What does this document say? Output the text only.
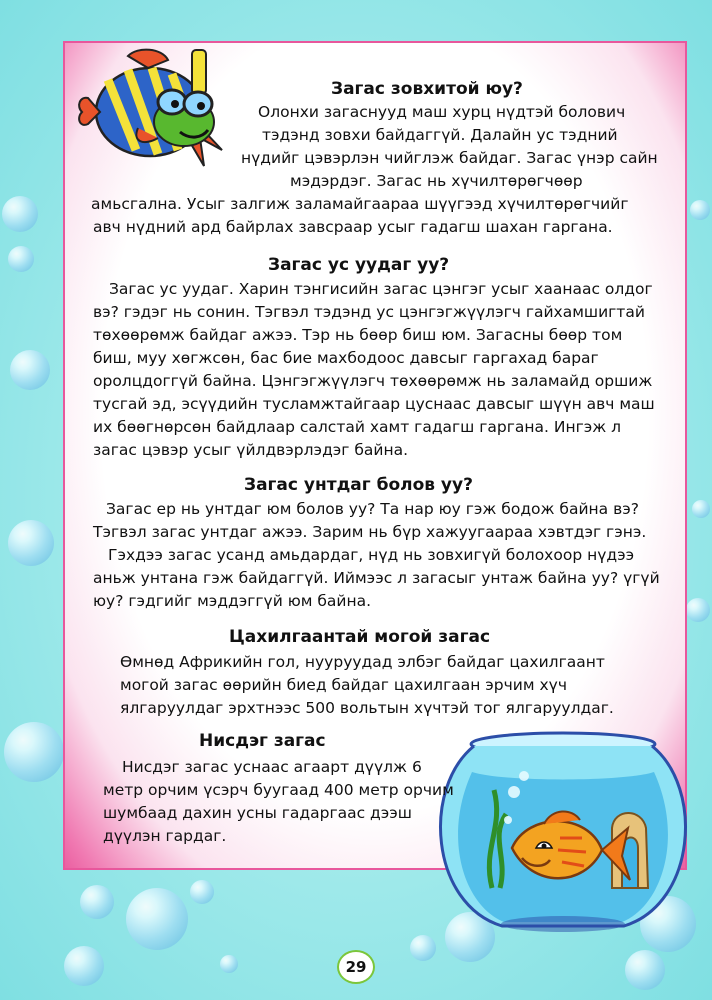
Загас зовхитой юу?
Олонхи загаснууд маш хурц нүдтэй болович
тэдэнд зовхи байдаггүй. Далайн ус тэдний
нүдийг цэвэрлэн чийглэж байдаг. Загас үнэр сайн
мэдэрдэг. Загас нь хүчилтөрөгчөөр
амьсгална. Усыг залгиж заламайгаараа шүүгээд хүчилтөрөгчийг
авч нүдний ард байрлах завсраар усыг гадагш шахан гаргана.
Загас ус уудаг уу?
Загас ус уудаг. Харин тэнгисийн загас цэнгэг усыг хаанаас олдог
вэ? гэдэг нь сонин. Тэгвэл тэдэнд ус цэнгэгжүүлэгч гайхамшигтай
төхөөрөмж байдаг ажээ. Тэр нь бөөр биш юм. Загасны бөөр том
биш, муу хөгжсөн, бас бие махбодоос давсыг гаргахад бараг
оролцдоггүй байна. Цэнгэгжүүлэгч төхөөрөмж нь заламайд оршиж
тусгай эд, эсүүдийн тусламжтайгаар цуснаас давсыг шүүн авч маш
их бөөгнөрсөн байдлаар салстай хамт гадагш гаргана. Ингэж л
загас цэвэр усыг үйлдвэрлэдэг байна.
Загас унтдаг болов уу?
Загас ер нь унтдаг юм болов уу? Та нар юу гэж бодож байна вэ?
Тэгвэл загас унтдаг ажээ. Зарим нь бүр хажуугаараа хэвтдэг гэнэ.
Гэхдээ загас усанд амьдардаг, нүд нь зовхигүй болохоор нүдээ
аньж унтана гэж байдаггүй. Иймээс л загасыг унтаж байна уу? үгүй
юу? гэдгийг мэддэггүй юм байна.
Цахилгаантай могой загас
Өмнөд Африкийн гол, нууруудад элбэг байдаг цахилгаант
могой загас өөрийн биед байдаг цахилгаан эрчим хүч
ялгаруулдаг эрхтнээс 500 вольтын хүчтэй тог ялгаруулдаг.
Нисдэг загас
Нисдэг загас уснаас агаарт дүүлж 6
метр орчим үсэрч буугаад 400 метр орчим
шумбаад дахин усны гадаргаас дээш
дүүлэн гардаг.
29
